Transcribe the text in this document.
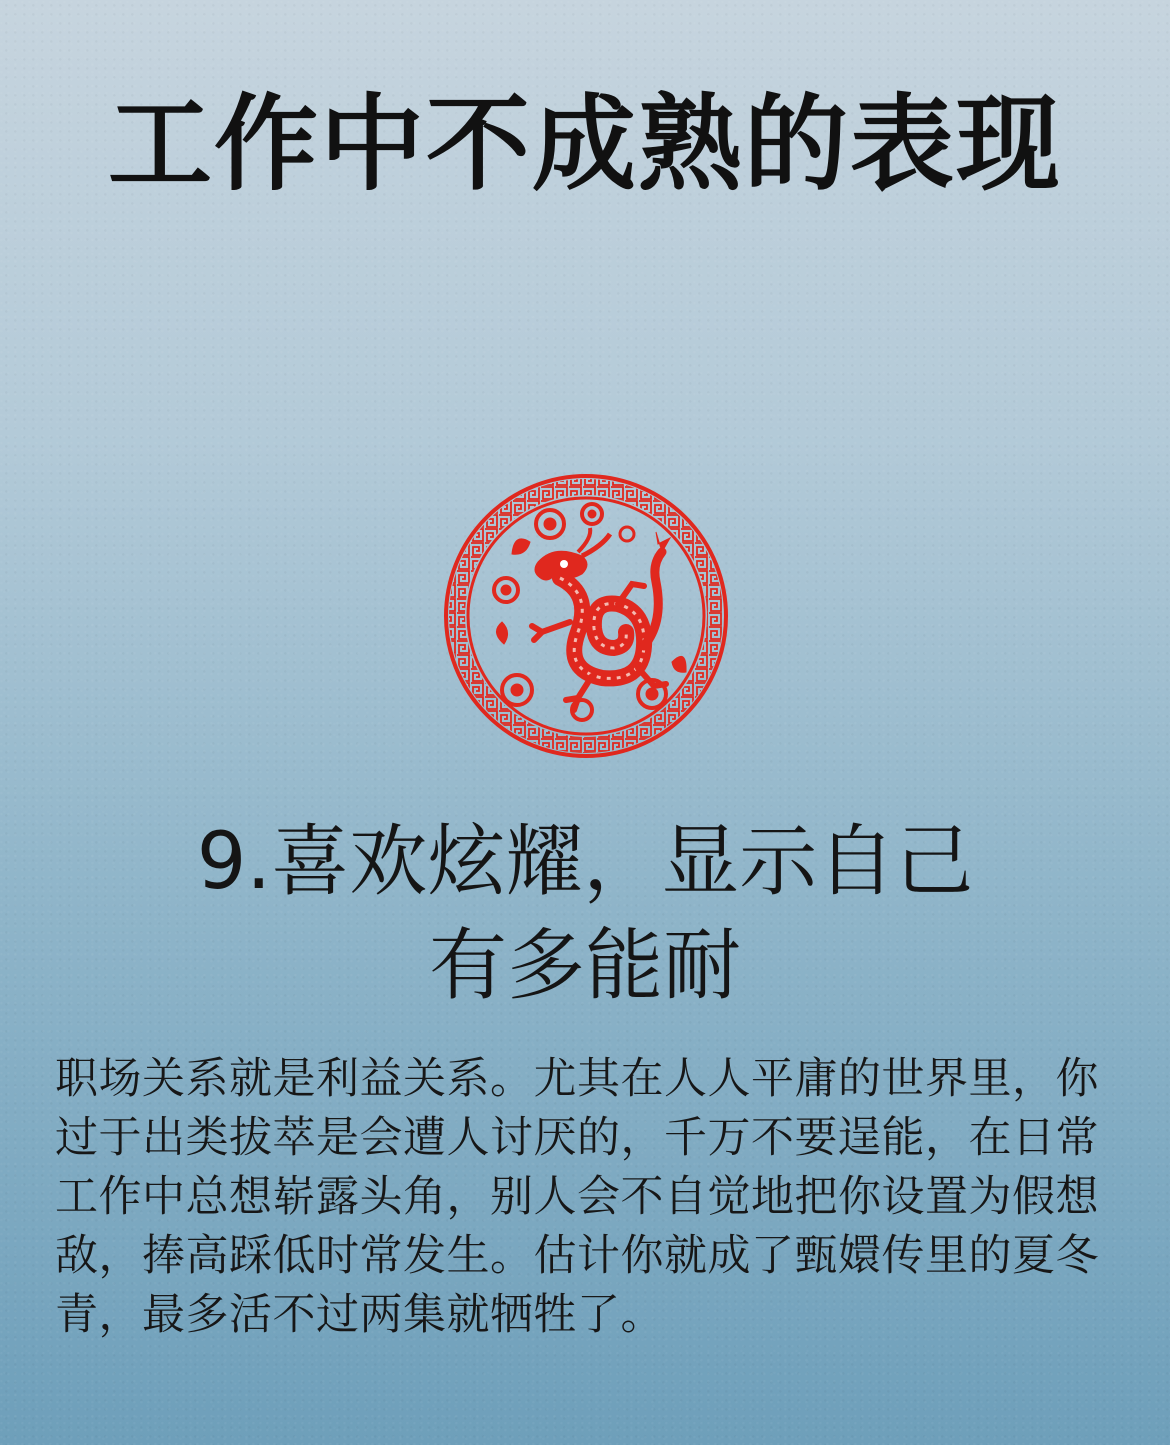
工作中不成熟的表现
9.喜欢炫耀，显示自己
有多能耐
职场关系就是利益关系。尤其在人人平庸的世界里，你过于出类拔萃是会遭人讨厌的，千万不要逞能，在日常工作中总想崭露头角，别人会不自觉地把你设置为假想敌，捧高踩低时常发生。估计你就成了甄嬛传里的夏冬青，最多活不过两集就牺牲了。
